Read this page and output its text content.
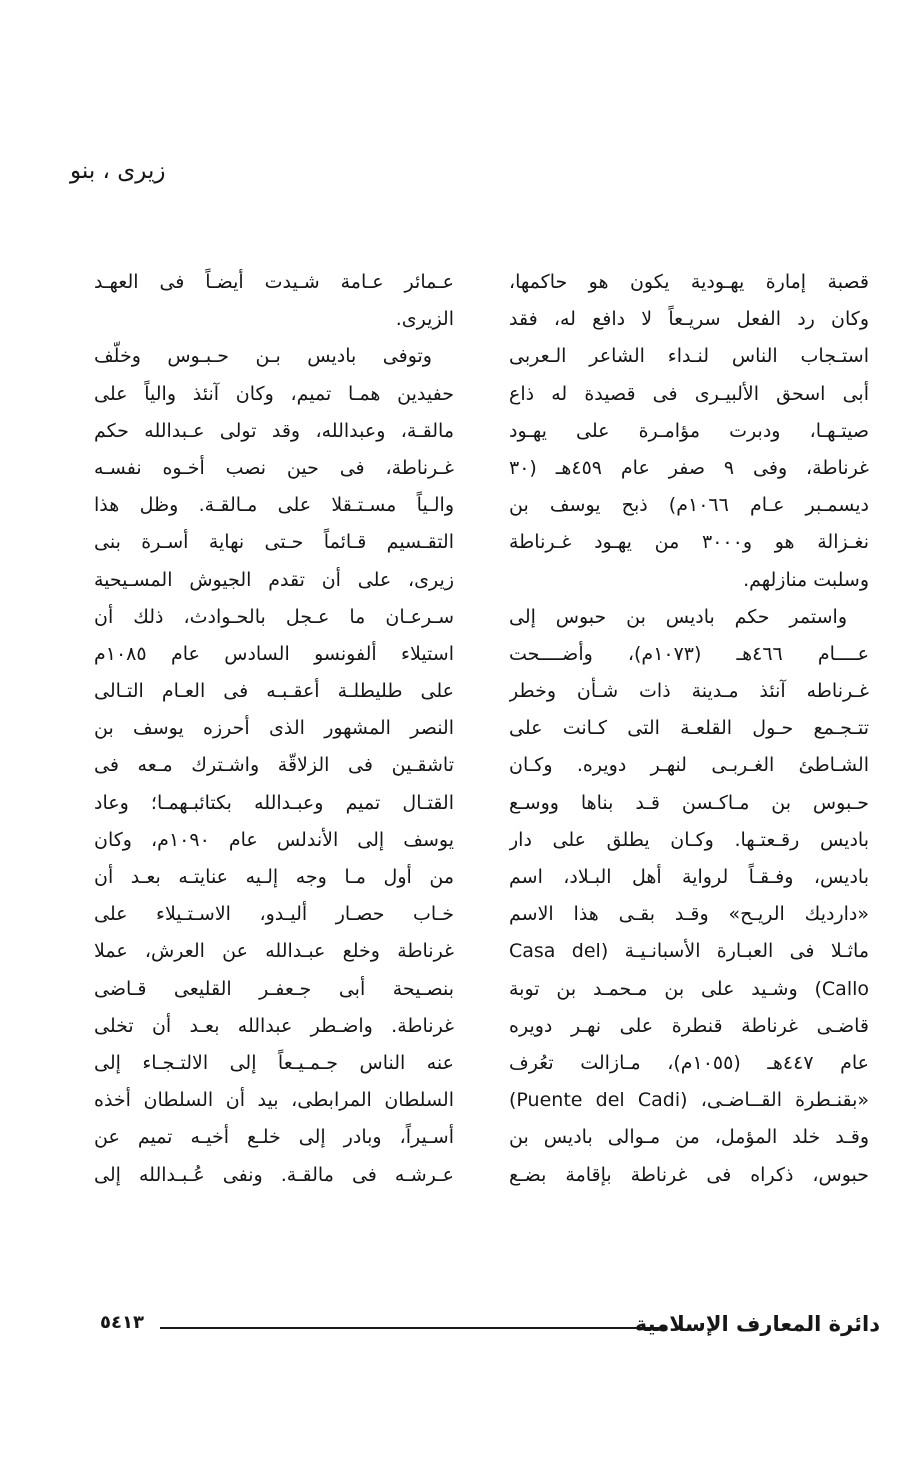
زيرى ، بنو
قصبة إمارة يهـودية يكون هو حاكمها،
وكان رد الفعل سريـعاً لا دافع له، فقد
استـجاب الناس لنـداء الشاعر الـعربى
أبى اسحق الألبيـرى فى قصيدة له ذاع
صيتـهـا، ودبرت مؤامـرة على يهـود
غرناطة، وفى ٩ صفر عام ٤٥٩هـ (٣٠
ديسمـبر عـام ١٠٦٦م) ذبح يوسف بن
نغـزالة هو و٣٠٠٠ من يهـود غـرناطة
وسلبت منازلهم.
واستمر حكم باديس بن حبوس إلى
عــــام ٤٦٦هـ (١٠٧٣م)، وأضــــحت
غـرناطه آنئذ مـدينة ذات شـأن وخطر
تتـجـمع حـول القلعـة التى كـانت على
الشـاطئ الغـربـى لنهـر دويره. وكـان
حـبوس بن مـاكـسن قـد بناها ووسـع
باديس رقـعتـها. وكـان يطلق على دار
باديس، وفـقـاً لرواية أهل البـلاد، اسم
«دارديك الريـح» وقـد بقـى هذا الاسم
ماثـلا فى العبـارة الأسبانـيـة (Casa del
Callo) وشـيد على بن مـحمـد بن توبة
قاضـى غرناطة قنطرة على نهـر دويره
عام ٤٤٧هـ (١٠٥٥م)، مـازالت تعُرف
«بقنـطرة القــاضـى، (Puente del Cadi)
وقـد خلد المؤمل، من مـوالى باديس بن
حبوس، ذكراه فى غرناطة بإقامة بضـع
عـمائر عـامة شـيدت أيضـاً فى العهـد
الزيرى.
وتوفى باديس بـن حـبـوس وخلّف
حفيدين همـا تميم، وكان آنئذ والياً على
مالقـة، وعبدالله، وقد تولى عـبدالله حكم
غـرناطة، فى حين نصب أخـوه نفسـه
والـياً مسـتـقلا على مـالقـة. وظل هذا
التقـسيم قـائماً حـتى نهاية أسـرة بنى
زيرى، على أن تقدم الجيوش المسـيحية
سـرعـان ما عـجل بالحـوادث، ذلك أن
استيلاء ألفونسو السادس عام ١٠٨٥م
على طليطلـة أعقـبـه فى العـام التـالى
النصر المشهور الذى أحرزه يوسف بن
تاشقـين فى الزلاقّة واشـترك مـعه فى
القتـال تميم وعبـدالله بكتائبـهمـا؛ وعاد
يوسف إلى الأندلس عام ١٠٩٠م، وكان
من أول مـا وجه إلـيه عنايتـه بعـد أن
خـاب حصـار أليـدو، الاسـتـيلاء على
غرناطة وخلع عبـدالله عن العرش، عملا
بنصـيحة أبى جـعفـر القليعى قـاضى
غرناطة. واضـطر عبدالله بعـد أن تخلى
عنه الناس جـمـيـعاً إلى الالتـجـاء إلى
السلطان المرابطى، بيد أن السلطان أخذه
أسـيراً، وبادر إلى خلـع أخيـه تميم عن
عـرشـه فى مالقـة. ونفى عُـبـدالله إلى
٥٤١٣	دائرة المعارف الإسلامية
